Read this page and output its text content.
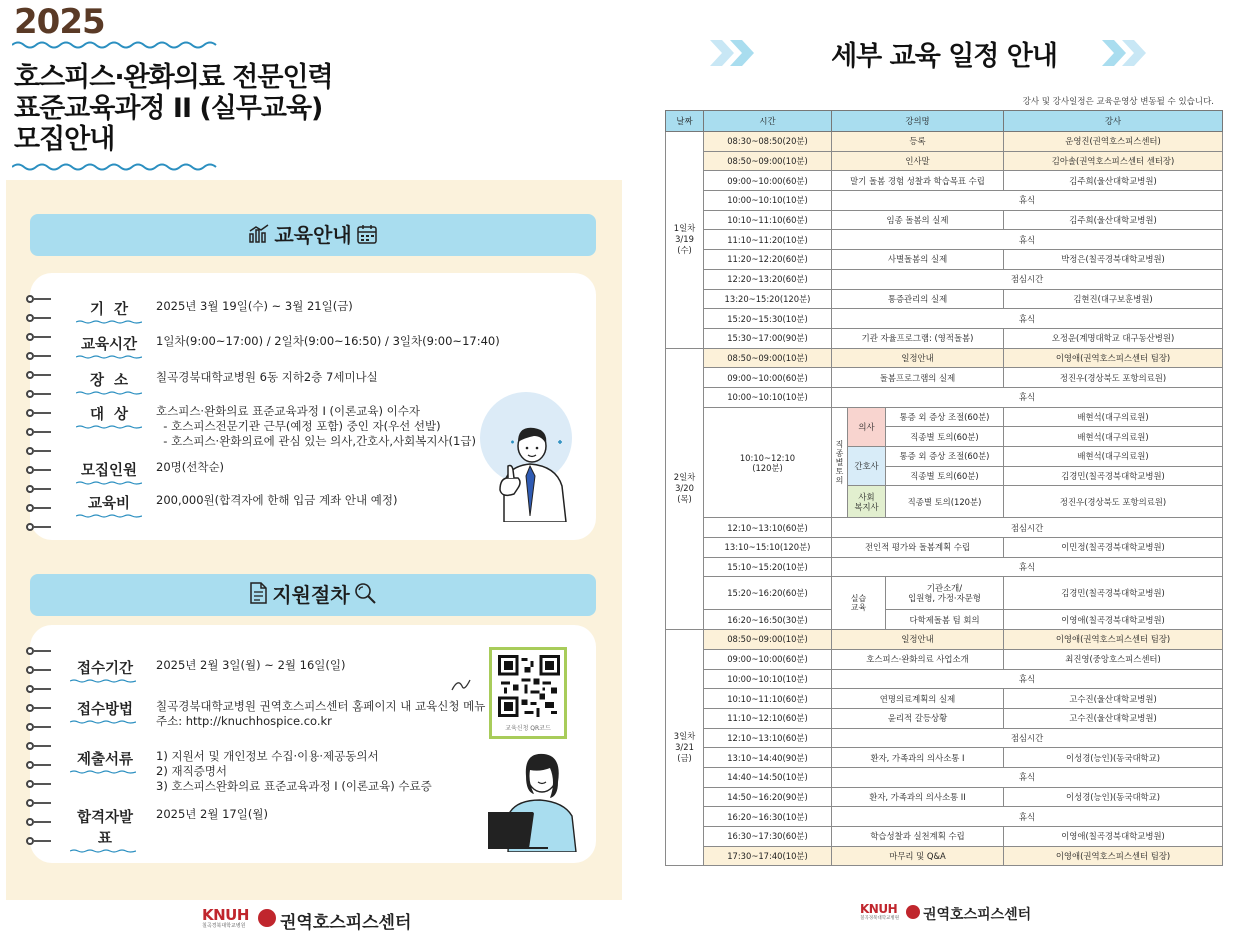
2025
호스피스·완화의료 전문인력
표준교육과정 II (실무교육)
모집안내
교육안내
기  간	2025년 3월 19일(수) ~ 3월 21일(금)
교육시간	1일차(9:00~17:00) / 2일차(9:00~16:50) / 3일차(9:00~17:40)
장  소	칠곡경북대학교병원 6동 지하2층 7세미나실
대  상	호스피스·완화의료 표준교육과정 I (이론교육) 이수자
- 호스피스전문기관 근무(예정 포함) 중인 자(우선 선발)
- 호스피스·완화의료에 관심 있는 의사,간호사,사회복지사(1급)
모집인원	20명(선착순)
교육비	200,000원(합격자에 한해 입금 계좌 안내 예정)
지원절차
접수기간	2025년 2월 3일(월) ~ 2월 16일(일)
접수방법	칠곡경북대학교병원 권역호스피스센터 홈페이지 내 교육신청 메뉴
주소: http://knuchhospice.co.kr
제출서류	1) 지원서 및 개인정보 수집·이용·제공동의서
2) 재직증명서
3) 호스피스완화의료 표준교육과정 I (이론교육) 수료증
합격자발표
2025년 2월 17일(월)
교육신청 QR코드
KNUH
칠곡경북대학교병원 권역호스피스센터
세부 교육 일정 안내
강사 및 강사일정은 교육운영상 변동될 수 있습니다.
날짜	시간	강의명			강사
1일차
3/19
(수)	08:30~08:50(20분)	등록			운영진(권역호스피스센터)
	08:50~09:00(10분)	인사말			김아솔(권역호스피스센터 센터장)
	09:00~10:00(60분)	말기 돌봄 경험 성찰과 학습목표 수립			김주희(울산대학교병원)
	10:00~10:10(10분)	휴식			
	10:10~11:10(60분)	임종 돌봄의 실제			김주희(울산대학교병원)
	11:10~11:20(10분)	휴식			
	11:20~12:20(60분)	사별돌봄의 실제			박정은(칠곡경북대학교병원)
	12:20~13:20(60분)	점심시간			
	13:20~15:20(120분)	통증관리의 실제			김현진(대구보훈병원)
	15:20~15:30(10분)	휴식			
	15:30~17:00(90분)	기관 자율프로그램: (영적돌봄)			오정운(계명대학교 대구동산병원)
2일차
3/20
(목)	08:50~09:00(10분)	일정안내			이영애(권역호스피스센터 팀장)
	09:00~10:00(60분)	돌봄프로그램의 실제			정진우(경상북도 포항의료원)
	10:00~10:10(10분)	휴식			
	10:10~12:10
(120분)	직종별토의	의사	통증 외 증상 조절(60분)	배현석(대구의료원)
				직종별 토의(60분)	배현석(대구의료원)
			간호사	통증 외 증상 조절(60분)	배현석(대구의료원)
				직종별 토의(60분)	김경민(칠곡경북대학교병원)
			사회
복지사	직종별 토의(120분)	정진우(경상북도 포항의료원)
	12:10~13:10(60분)	점심시간			
	13:10~15:10(120분)	전인적 평가와 돌봄계획 수립			이민정(칠곡경북대학교병원)
	15:10~15:20(10분)	휴식			
	15:20~16:20(60분)	실습
교육		기관소개/
입원형, 가정·자문형	김경민(칠곡경북대학교병원)
	16:20~16:50(30분)			다학제돌봄 팀 회의	이영애(칠곡경북대학교병원)
3일차
3/21
(금)	08:50~09:00(10분)	일정안내			이영애(권역호스피스센터 팀장)
	09:00~10:00(60분)	호스피스·완화의료 사업소개			최진영(중앙호스피스센터)
	10:00~10:10(10분)	휴식			
	10:10~11:10(60분)	연명의료계획의 실제			고수진(울산대학교병원)
	11:10~12:10(60분)	윤리적 갈등상황			고수진(울산대학교병원)
	12:10~13:10(60분)	점심시간			
	13:10~14:40(90분)	환자, 가족과의 의사소통 I			이성경(능인)(동국대학교)
	14:40~14:50(10분)	휴식			
	14:50~16:20(90분)	환자, 가족과의 의사소통 II			이성경(능인)(동국대학교)
	16:20~16:30(10분)	휴식			
	16:30~17:30(60분)	학습성찰과 실천계획 수립			이영애(칠곡경북대학교병원)
	17:30~17:40(10분)	마무리 및 Q&A			이영애(권역호스피스센터 팀장)
KNUH
칠곡경북대학교병원 권역호스피스센터
